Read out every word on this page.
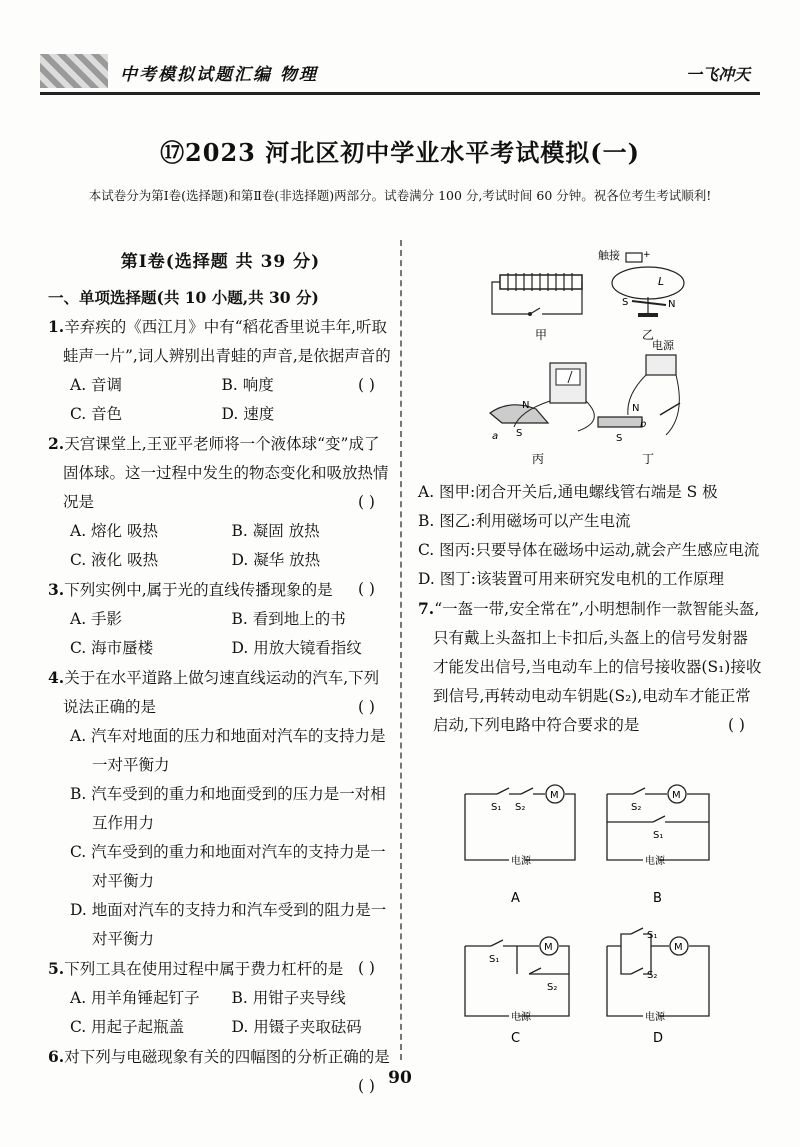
中考模拟试题汇编 物理	一飞冲天
⑰2023 河北区初中学业水平考试模拟(一)
本试卷分为第Ⅰ卷(选择题)和第Ⅱ卷(非选择题)两部分。试卷满分 100 分,考试时间 60 分钟。祝各位考生考试顺利!
第Ⅰ卷(选择题 共 39 分)
一、单项选择题(共 10 小题,共 30 分)
1.辛弃疾的《西江月》中有“稻花香里说丰年,听取蛙声一片”,词人辨别出青蛙的声音,是依据声音的
( )
A. 音调	B. 响度
C. 音色	D. 速度
2.天宫课堂上,王亚平老师将一个液体球“变”成了固体球。这一过程中发生的物态变化和吸放热情况是	( )
A. 熔化 吸热	B. 凝固 放热
C. 液化 吸热	D. 凝华 放热
3.下列实例中,属于光的直线传播现象的是 ( )
A. 手影	B. 看到地上的书
C. 海市蜃楼	D. 用放大镜看指纹
4.关于在水平道路上做匀速直线运动的汽车,下列说法正确的是	( )
A. 汽车对地面的压力和地面对汽车的支持力是一对平衡力
B. 汽车受到的重力和地面受到的压力是一对相互作用力
C. 汽车受到的重力和地面对汽车的支持力是一对平衡力
D. 地面对汽车的支持力和汽车受到的阻力是一对平衡力
5.下列工具在使用过程中属于费力杠杆的是 ( )
A. 用羊角锤起钉子	B. 用钳子夹导线
C. 用起子起瓶盖	D. 用镊子夹取砝码
6.对下列与电磁现象有关的四幅图的分析正确的是
( )
甲
触接	+
L
S	N
乙
N
S
a
丙
电源
N
S
b
丁
A. 图甲:闭合开关后,通电螺线管右端是 S 极
B. 图乙:利用磁场可以产生电流
C. 图丙:只要导体在磁场中运动,就会产生感应电流
D. 图丁:该装置可用来研究发电机的工作原理
7.“一盔一带,安全常在”,小明想制作一款智能头盔,只有戴上头盔扣上卡扣后,头盔上的信号发射器才能发出信号,当电动车上的信号接收器(S₁)接收到信号,再转动电动车钥匙(S₂),电动车才能正常启动,下列电路中符合要求的是	( )
M	M
M	M
S₁ S₂	S₂
S₁
S₁
S₂
S₁
S₂
电源	电源
电源	电源
A	B
C	D
90
